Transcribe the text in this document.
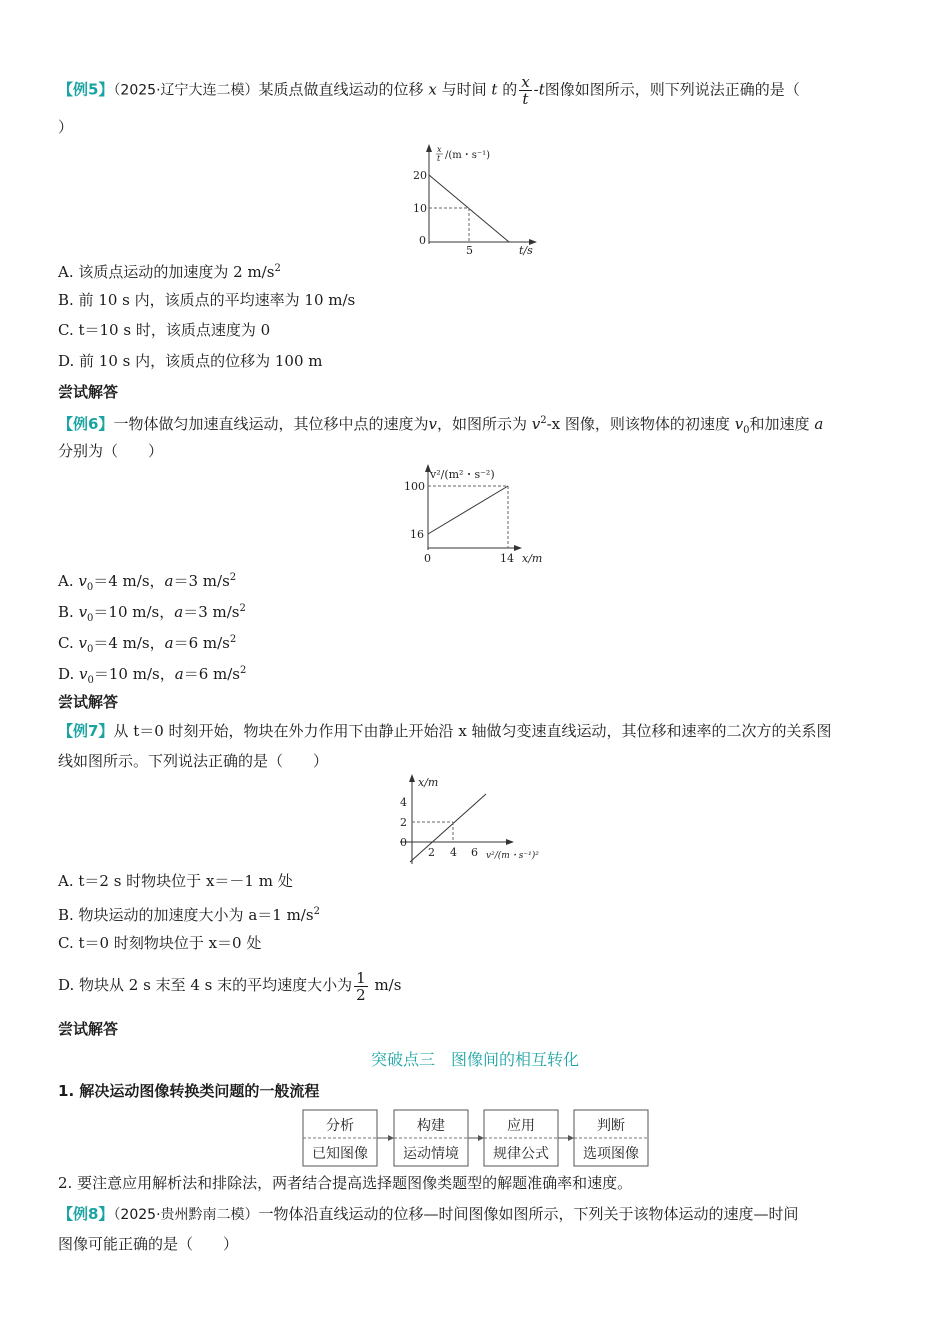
【例5】（2025·辽宁大连二模）某质点做直线运动的位移 x 与时间 t 的 $\frac{x}{t} -t$图像如图所示，则下列说法正确的是（
）
x
t /(m・s⁻¹)
20
10
0
5	t/s
A. 该质点运动的加速度为 2 $m/s^2$
B. 前 10 s 内，该质点的平均速率为 10 m/s
C. t＝10 s 时，该质点速度为 0
D. 前 10 s 内，该质点的位移为 100 m
尝试解答
【例6】一物体做匀加速直线运动，其位移中点的速度为v，如图所示为 $v^2-x$ 图像，则该物体的初速度 $v_0$和加速度 a
分别为（　　）
v²/(m²・s⁻²)
100
16
0	14 x/m
A. $v_0=4$ m/s，a＝3 $m/s^2$
B. $v_0=10$ m/s，a＝3 $m/s^2$
C. $v_0=4$ m/s，a＝6 $m/s^2$
D. $v_0=10$ m/s，a＝6 $m/s^2$
尝试解答
【例7】从 t＝0 时刻开始，物块在外力作用下由静止开始沿 x 轴做匀变速直线运动，其位移和速率的二次方的关系图
线如图所示。下列说法正确的是（　　）
x/m
4
2
0
2 4 6 v²/(m・s⁻¹)²
A. t＝2 s 时物块位于 x＝－1 m 处
B. 物块运动的加速度大小为 a＝1 $m/s^2$
C. t＝0 时刻物块位于 x＝0 处
D. 物块从 2 s 末至 4 s 末的平均速度大小为 $\frac{1}{2} m/s$
尝试解答
突破点三　图像间的相互转化
1. 解决运动图像转换类问题的一般流程
分析
已知图像
构建
运动情境
应用
规律公式
判断
选项图像
2. 要注意应用解析法和排除法，两者结合提高选择题图像类题型的解题准确率和速度。
【例8】（2025·贵州黔南二模）一物体沿直线运动的位移—时间图像如图所示，下列关于该物体运动的速度—时间
图像可能正确的是（　　）
